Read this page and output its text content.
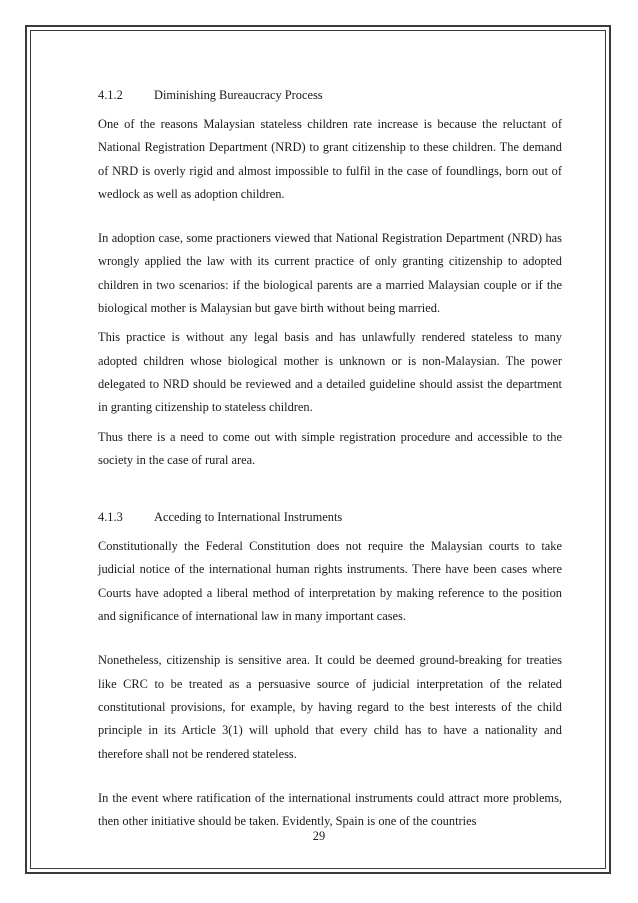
4.1.2	Diminishing Bureaucracy Process

One of the reasons Malaysian stateless children rate increase is because the reluctant of National Registration Department (NRD) to grant citizenship to these children. The demand of NRD is overly rigid and almost impossible to fulfil in the case of foundlings, born out of wedlock as well as adoption children.

In adoption case, some practioners viewed that National Registration Department (NRD) has wrongly applied the law with its current practice of only granting citizenship to adopted children in two scenarios: if the biological parents are a married Malaysian couple or if the biological mother is Malaysian but gave birth without being married.

This practice is without any legal basis and has unlawfully rendered stateless to many adopted children whose biological mother is unknown or is non-Malaysian. The power delegated to NRD should be reviewed and a detailed guideline should assist the department in granting citizenship to stateless children.

Thus there is a need to come out with simple registration procedure and accessible to the society in the case of rural area.

4.1.3	Acceding to International Instruments

Constitutionally the Federal Constitution does not require the Malaysian courts to take judicial notice of the international human rights instruments. There have been cases where Courts have adopted a liberal method of interpretation by making reference to the position and significance of international law in many important cases.

Nonetheless, citizenship is sensitive area. It could be deemed ground-breaking for treaties like CRC to be treated as a persuasive source of judicial interpretation of the related constitutional provisions, for example, by having regard to the best interests of the child principle in its Article 3(1) will uphold that every child has to have a nationality and therefore shall not be rendered stateless.

In the event where ratification of the international instruments could attract more problems, then other initiative should be taken. Evidently, Spain is one of the countries

29
